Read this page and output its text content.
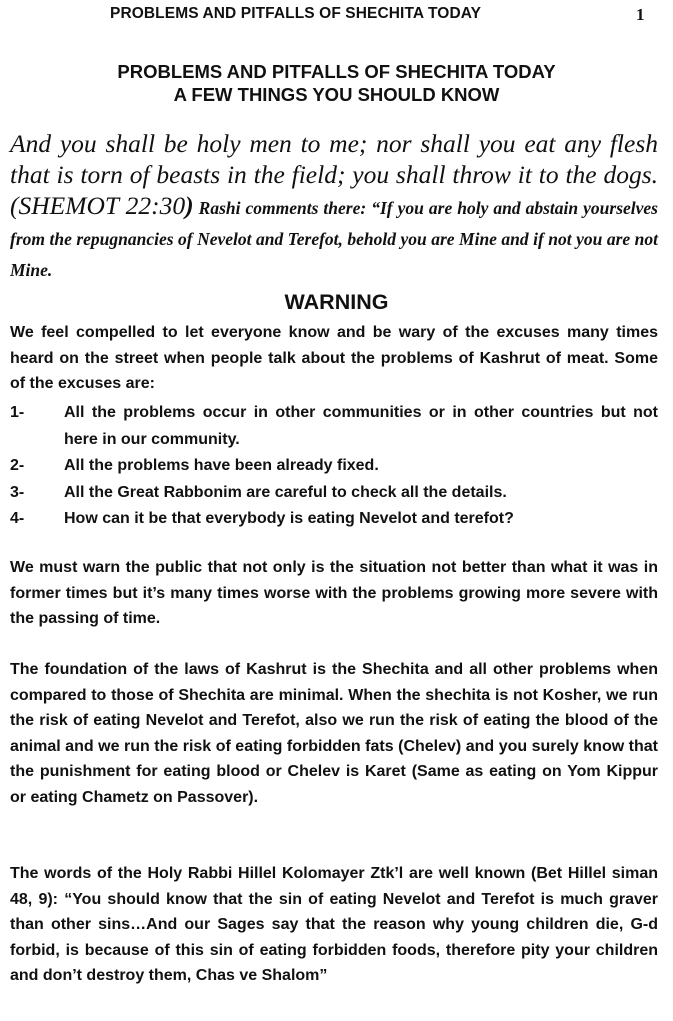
PROBLEMS AND PITFALLS OF SHECHITA TODAY	1
PROBLEMS AND PITFALLS OF SHECHITA TODAY
A FEW THINGS YOU SHOULD KNOW
And you shall be holy men to me; nor shall you eat any flesh that is torn of beasts in the field; you shall throw it to the dogs. (SHEMOT 22:30) Rashi comments there: “If you are holy and abstain yourselves from the repugnancies of Nevelot and Terefot, behold you are Mine and if not you are not Mine.
WARNING

We feel compelled to let everyone know and be wary of the excuses many times heard on the street when people talk about the problems of Kashrut of meat. Some of the excuses are:

1-	All the problems occur in other communities or in other countries but not here in our community.
2-	All the problems have been already fixed.
3-	All the Great Rabbonim are careful to check all the details.
4-	How can it be that everybody is eating Nevelot and terefot?

We must warn the public that not only is the situation not better than what it was in former times but it’s many times worse with the problems growing more severe with the passing of time.

The foundation of the laws of Kashrut is the Shechita and all other problems when compared to those of Shechita are minimal. When the shechita is not Kosher, we run the risk of eating Nevelot and Terefot, also we run the risk of eating the blood of the animal and we run the risk of eating forbidden fats (Chelev) and you surely know that the punishment for eating blood or Chelev is Karet (Same as eating on Yom Kippur or eating Chametz on Passover).

The words of the Holy Rabbi Hillel Kolomayer Ztk’l are well known (Bet Hillel siman 48, 9): “You should know that the sin of eating Nevelot and Terefot is much graver than other sins…And our Sages say that the reason why young children die, G-d forbid, is because of this sin of eating forbidden foods, therefore pity your children and don’t destroy them, Chas ve Shalom”
